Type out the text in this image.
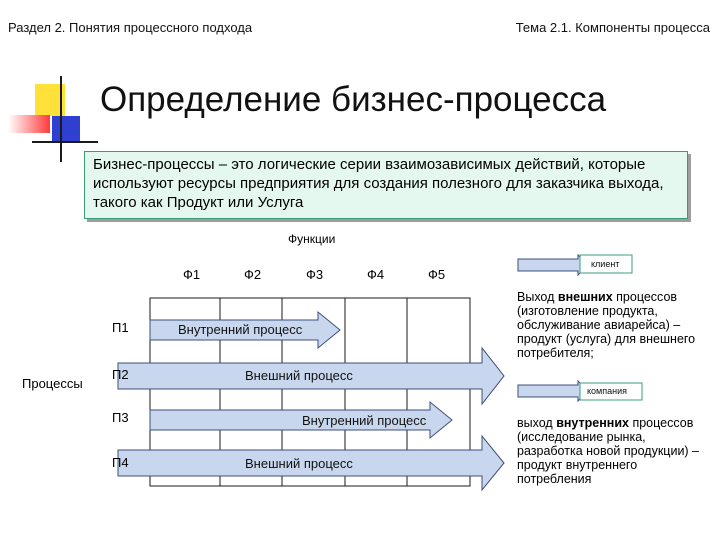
Раздел 2. Понятия процессного подхода	Тема 2.1. Компоненты процесса
Определение бизнес-процесса
Бизнес-процессы – это логические серии взаимозависимых действий, которые используют ресурсы предприятия для создания полезного для заказчика выхода, такого как Продукт или Услуга
Функции
Ф1	Ф2	Ф3	Ф4	Ф5
П1
П2
П3
П4
Процессы
Внутренний процесс
Внешний процесс
Внутренний процесс
Внешний процесс
клиент
компания
Выход внешних процессов (изготовление продукта, обслуживание авиарейса) – продукт (услуга) для внешнего потребителя;
выход внутренних процессов (исследование рынка, разработка новой продукции) – продукт внутреннего потребления
